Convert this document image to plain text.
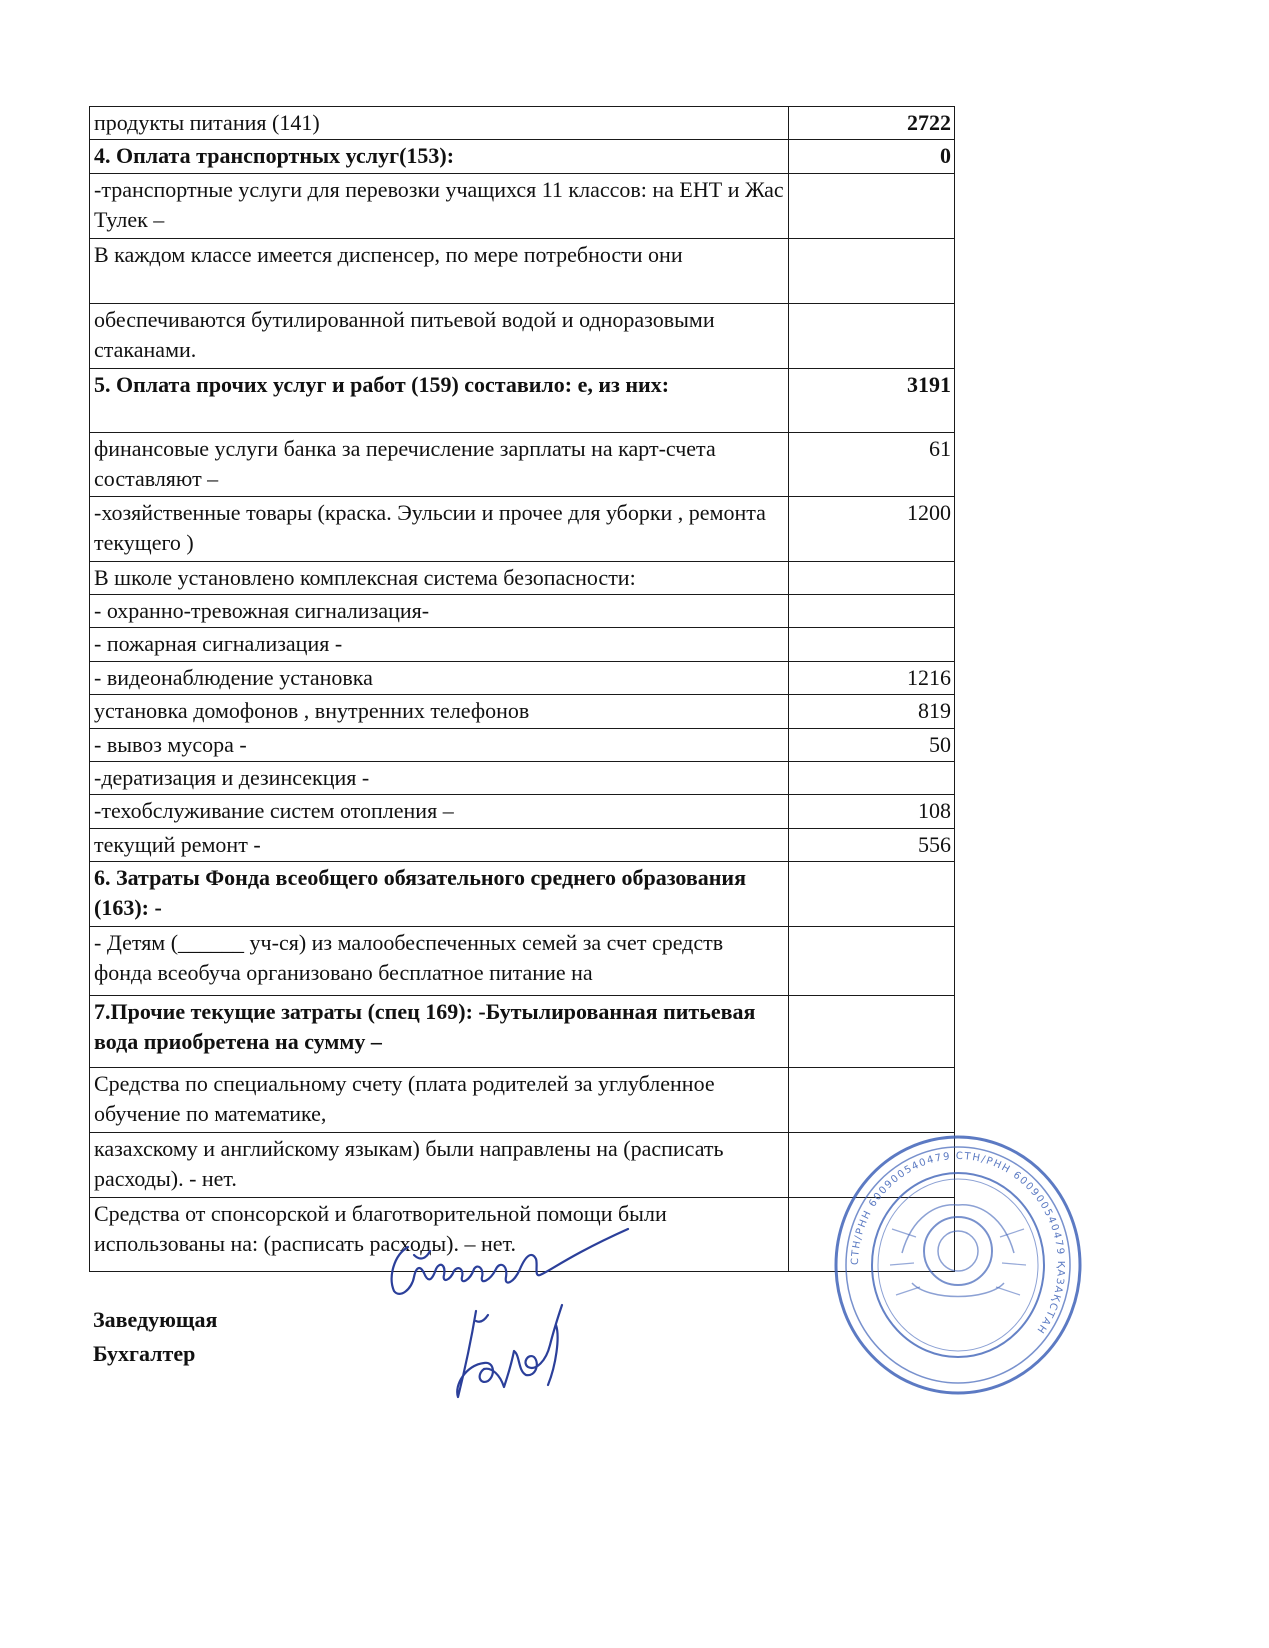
продукты питания (141)	2722
4. Оплата транспортных услуг(153):	0
-транспортные услуги для перевозки учащихся 11 классов: на ЕНТ и Жас Тулек –	
В каждом классе имеется диспенсер, по мере потребности они	
обеспечиваются бутилированной питьевой водой и одноразовыми стаканами.	
5. Оплата прочих услуг и работ (159) составило: е, из них:	3191
финансовые услуги банка за перечисление зарплаты на карт-счета составляют –	61
-хозяйственные товары (краска. Эульсии и прочее для уборки , ремонта текущего )	1200
В школе установлено комплексная система безопасности:	
- охранно-тревожная сигнализация-	
- пожарная сигнализация -	
- видеонаблюдение установка	1216
установка домофонов , внутренних телефонов	819
- вывоз мусора -	50
-дератизация и дезинсекция -	
-техобслуживание систем отопления –	108
текущий ремонт -	556
6. Затраты Фонда всеобщего обязательного среднего образования (163): -	
- Детям (______ уч-ся) из малообеспеченных семей за счет средств фонда всеобуча организовано бесплатное питание на	
7.Прочие текущие затраты (спец 169): -Бутылированная питьевая вода приобретена на сумму –	
Средства по специальному счету (плата родителей за углубленное обучение по математике,	
казахскому и английскому языкам) были направлены на (расписать расходы). - нет.	
Средства от спонсорской и благотворительной помощи были использованы на: (расписать расходы). – нет.	
Заведующая
Бухгалтер
СТН/РНН 600900540479 СТН/РНН 600900540479 ҚАЗАҚСТАН
